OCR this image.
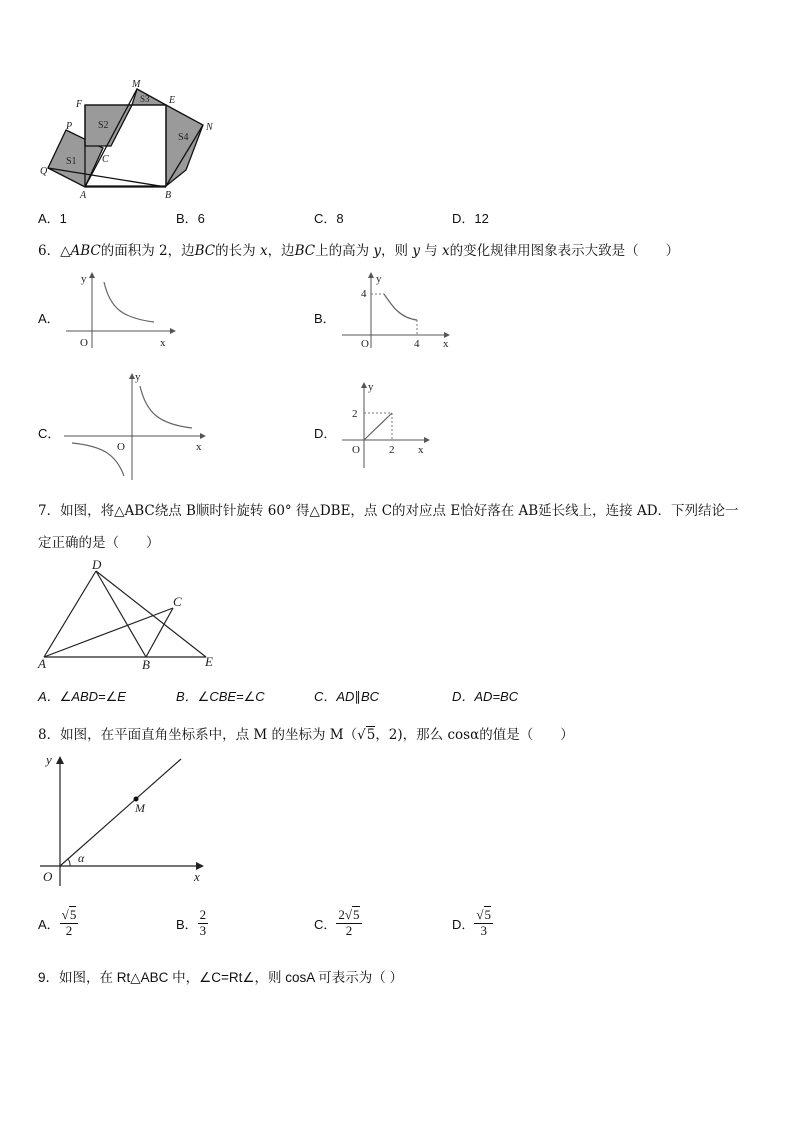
M
E
F	S3
S2
S4
N
P
C
S1
Q
A	B
A．1	B．6	C．8	D．12
6．△ABC的面积为 2，边BC的长为 x，边BC上的高为 y，则 y 与 x的变化规律用图象表示大致是（　　）
A．	B．
C．	D．
y
x
O
y
4
4 x
O
y
x
O
y
2
2 x
O
7．如图，将△ABC绕点 B顺时针旋转 60° 得△DBE，点 C的对应点 E恰好落在 AB延长线上，连接 AD．下列结论一
定正确的是（　　）
D
C
A	B	E
A．∠ABD=∠E	B．∠CBE=∠C	C．AD∥BC	D．AD=BC
8．如图，在平面直角坐标系中，点 M 的坐标为 M（√5，2)，那么 cosα的值是（　　）
y
x
O
M
α
A． $\frac{√5}{2}$	B． $\frac{2}{3}$	C． $\frac{2√5}{2}$	D． $\frac{√5}{3}$
9．如图，在 Rt△ABC 中，∠C=Rt∠，则 cosA 可表示为（ ）
